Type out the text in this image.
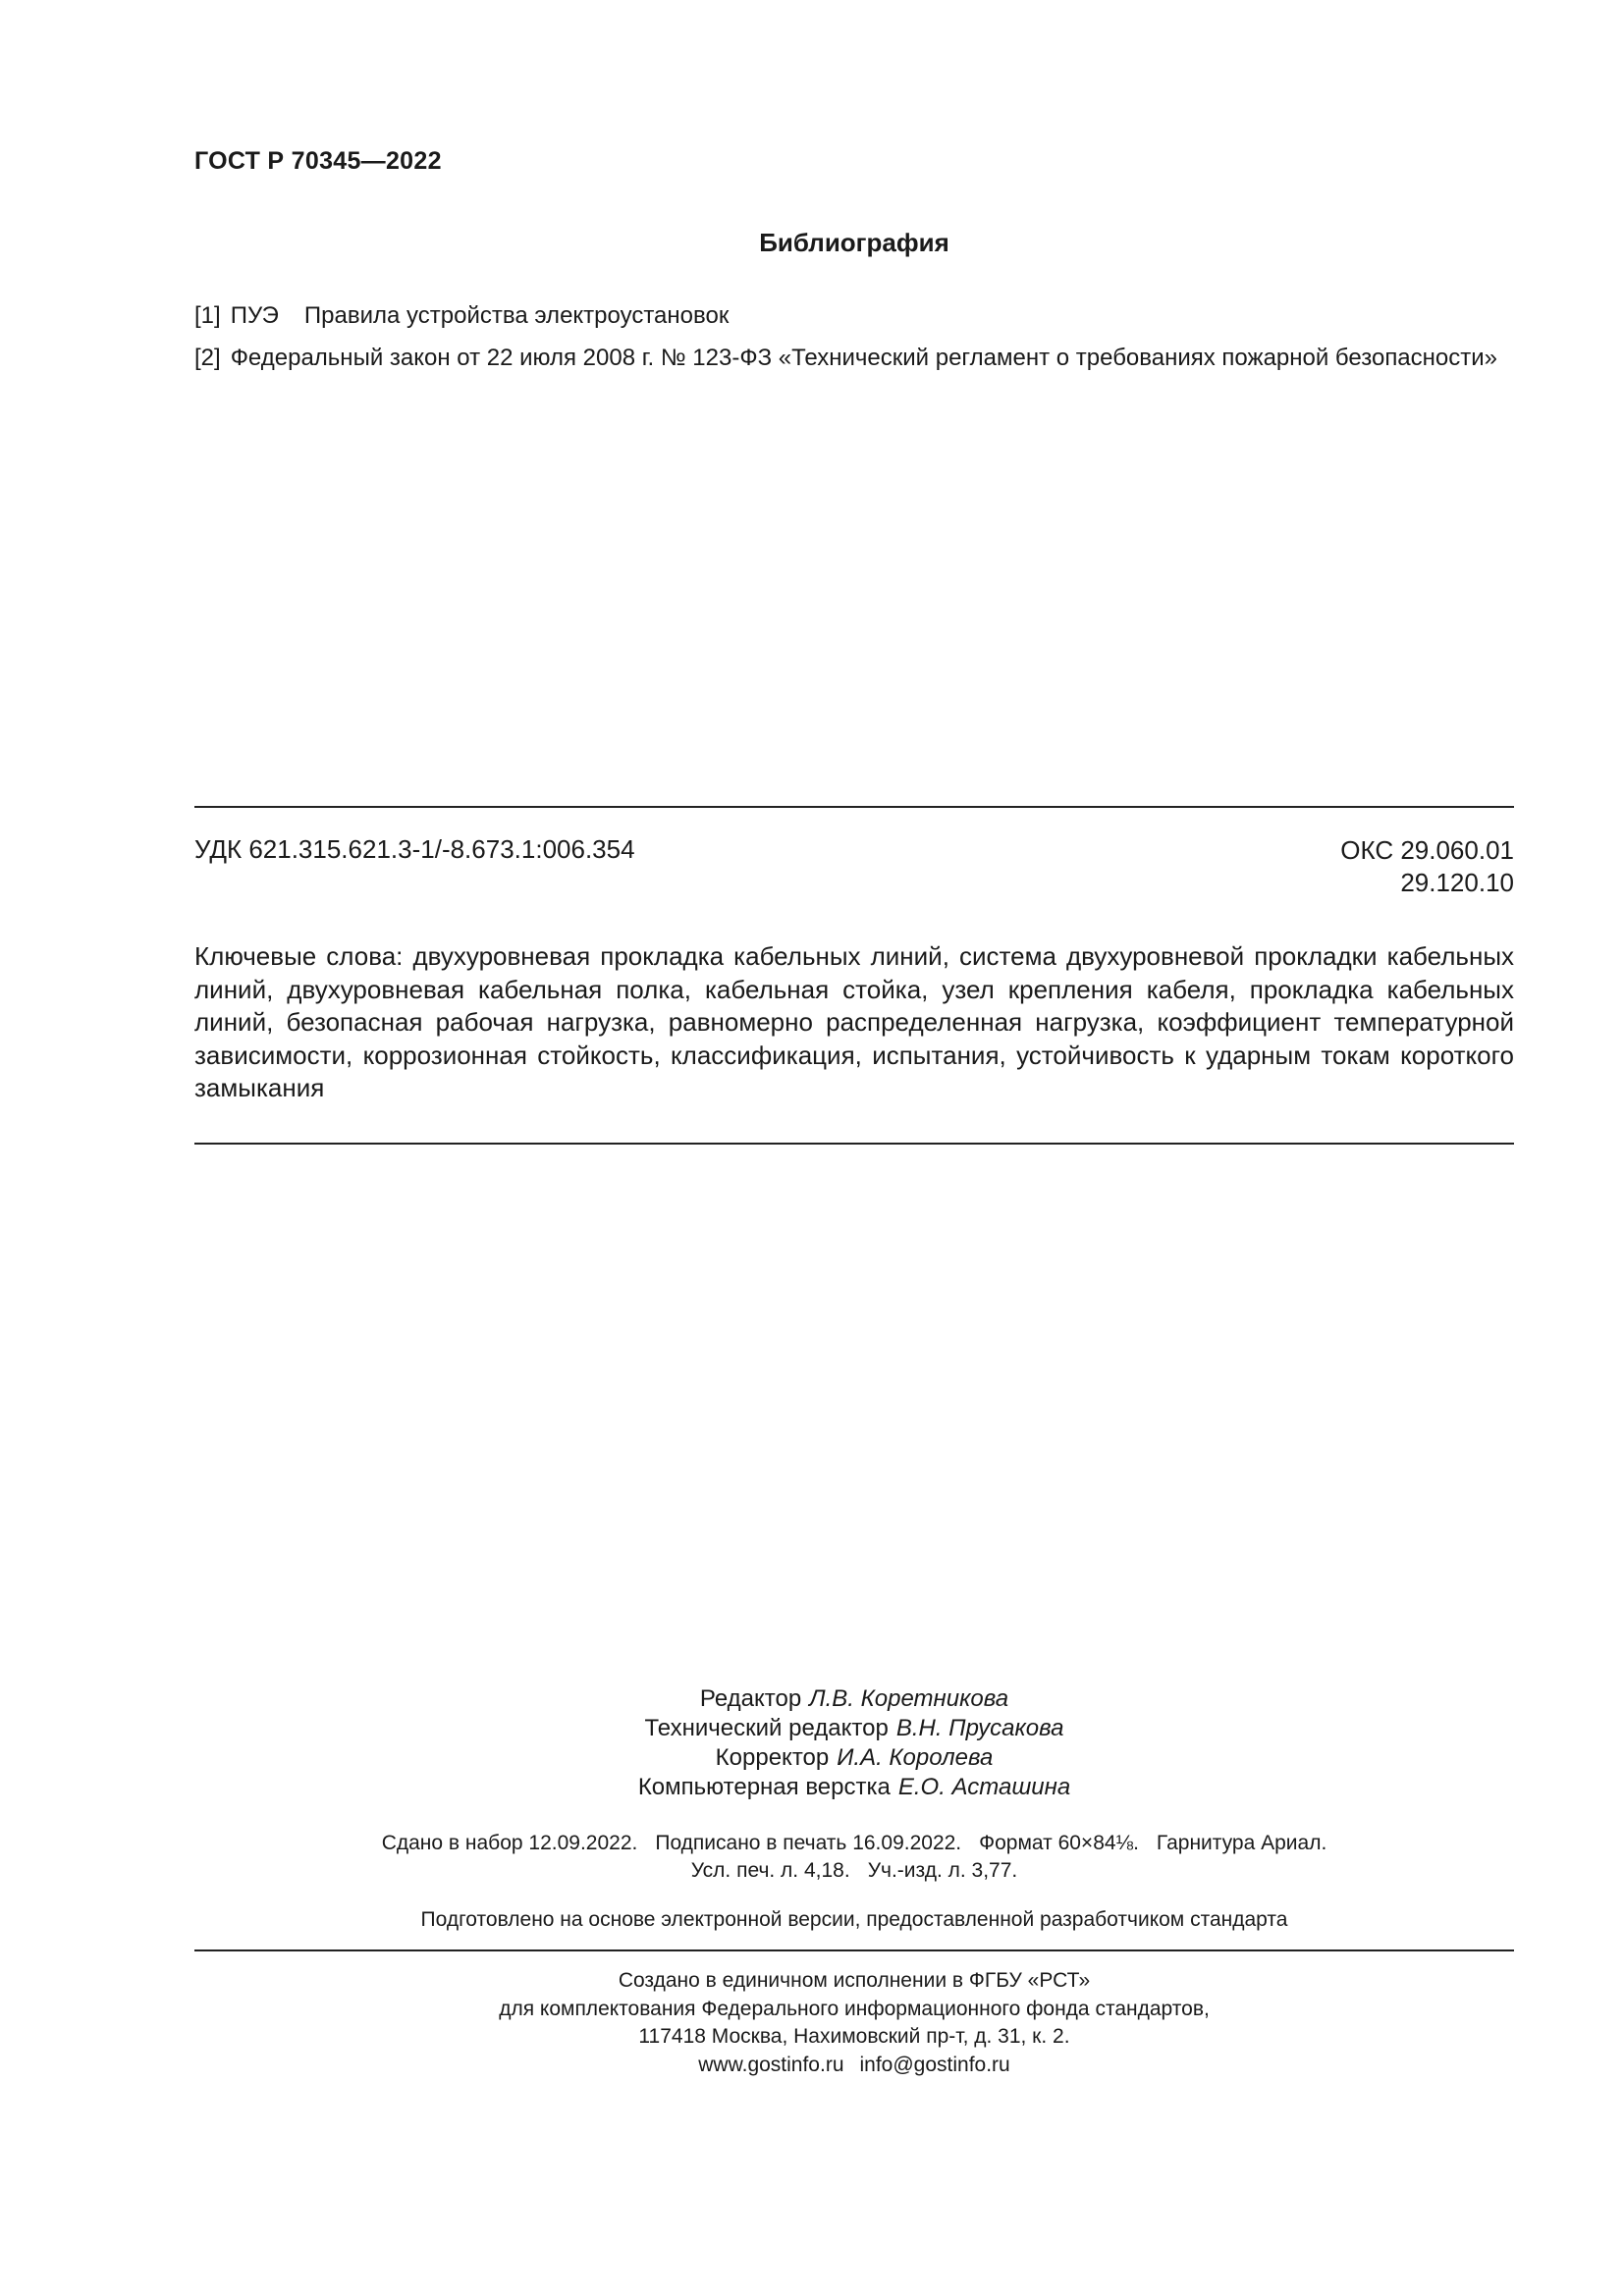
ГОСТ Р 70345—2022
Библиография
[1] ПУЭ Правила устройства электроустановок
[2] Федеральный закон от 22 июля 2008 г. № 123-ФЗ «Технический регламент о требованиях пожарной безопасности»
УДК 621.315.621.3-1/-8.673.1:006.354	ОКС 29.060.01
29.120.10
Ключевые слова: двухуровневая прокладка кабельных линий, система двухуровневой прокладки кабельных линий, двухуровневая кабельная полка, кабельная стойка, узел крепления кабеля, прокладка кабельных линий, безопасная рабочая нагрузка, равномерно распределенная нагрузка, коэффициент температурной зависимости, коррозионная стойкость, классификация, испытания, устойчивость к ударным токам короткого замыкания
Редактор Л.В. Коретникова
Технический редактор В.Н. Прусакова
Корректор И.А. Королева
Компьютерная верстка Е.О. Асташина
Сдано в набор 12.09.2022. Подписано в печать 16.09.2022. Формат 60×84⅛. Гарнитура Ариал.
Усл. печ. л. 4,18. Уч.-изд. л. 3,77.
Подготовлено на основе электронной версии, предоставленной разработчиком стандарта
Создано в единичном исполнении в ФГБУ «РСТ»
для комплектования Федерального информационного фонда стандартов,
117418 Москва, Нахимовский пр-т, д. 31, к. 2.
www.gostinfo.ru info@gostinfo.ru
